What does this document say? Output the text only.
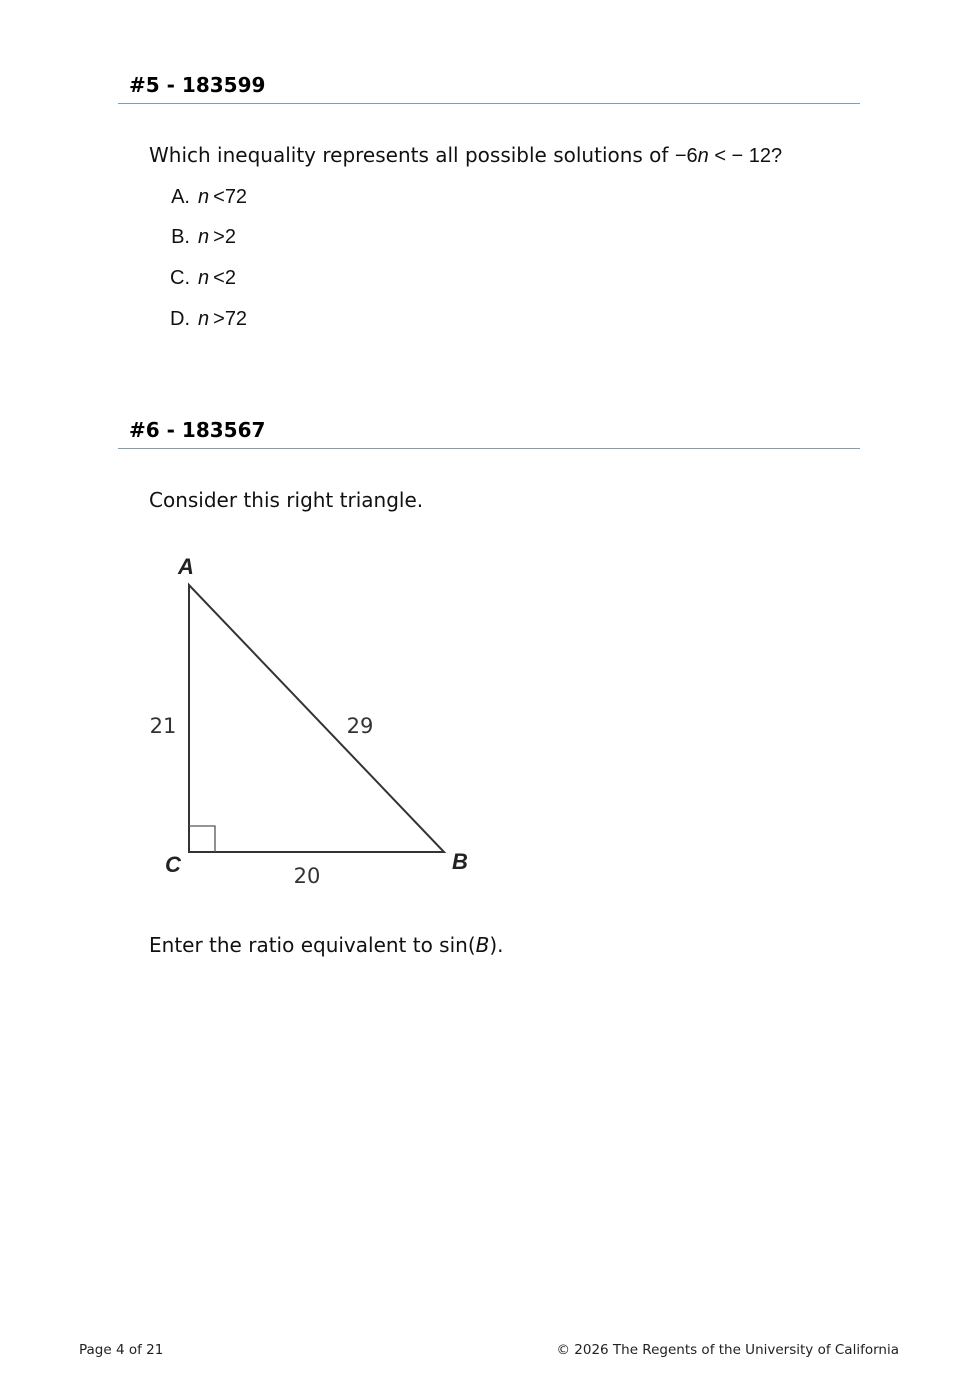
#5 - 183599
Which inequality represents all possible solutions of −6n < − 12?
A. n <72
B. n >2
C. n <2
D. n >72
#6 - 183567
Consider this right triangle.
A
B
C
21	29
20
Enter the ratio equivalent to sin(B).
Page 4 of 21	© 2026 The Regents of the University of California
